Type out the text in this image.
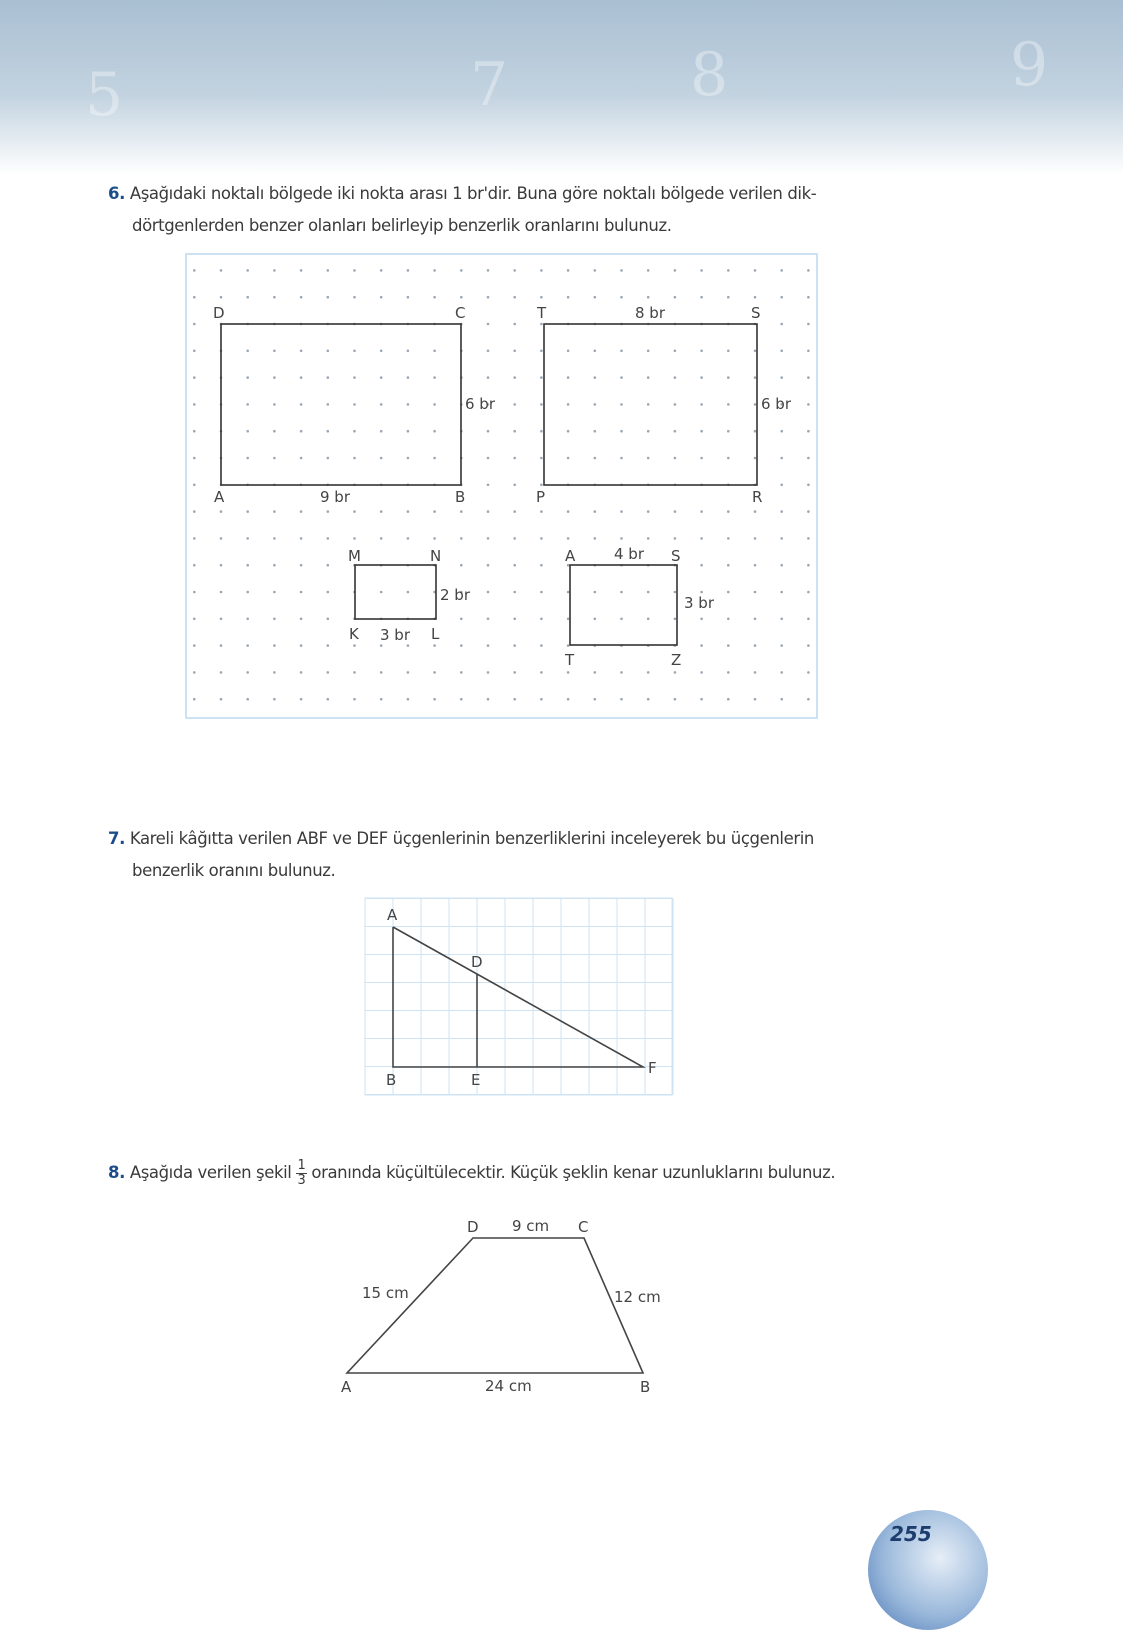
5	7	8	9
6. Aşağıdaki noktalı bölgede iki nokta arası 1 br'dir. Buna göre noktalı bölgede verilen dik-
dörtgenlerden benzer olanları belirleyip benzerlik oranlarını bulunuz.
D	C
A	B
9 br
6 br
T	S
P	R
8 br
6 br
M	N
K	L
3 br
2 br
A	S
T	Z
4 br
3 br
A
B
D
E
F
A	B
C
D
24 cm
9 cm
15 cm	12 cm
7. Kareli kâğıtta verilen ABF ve DEF üçgenlerinin benzerliklerini inceleyerek bu üçgenlerin
benzerlik oranını bulunuz.
8. Aşağıda verilen şekil $\frac{1}{3}$ oranında küçültülecektir. Küçük şeklin kenar uzunluklarını bulunuz.
255
